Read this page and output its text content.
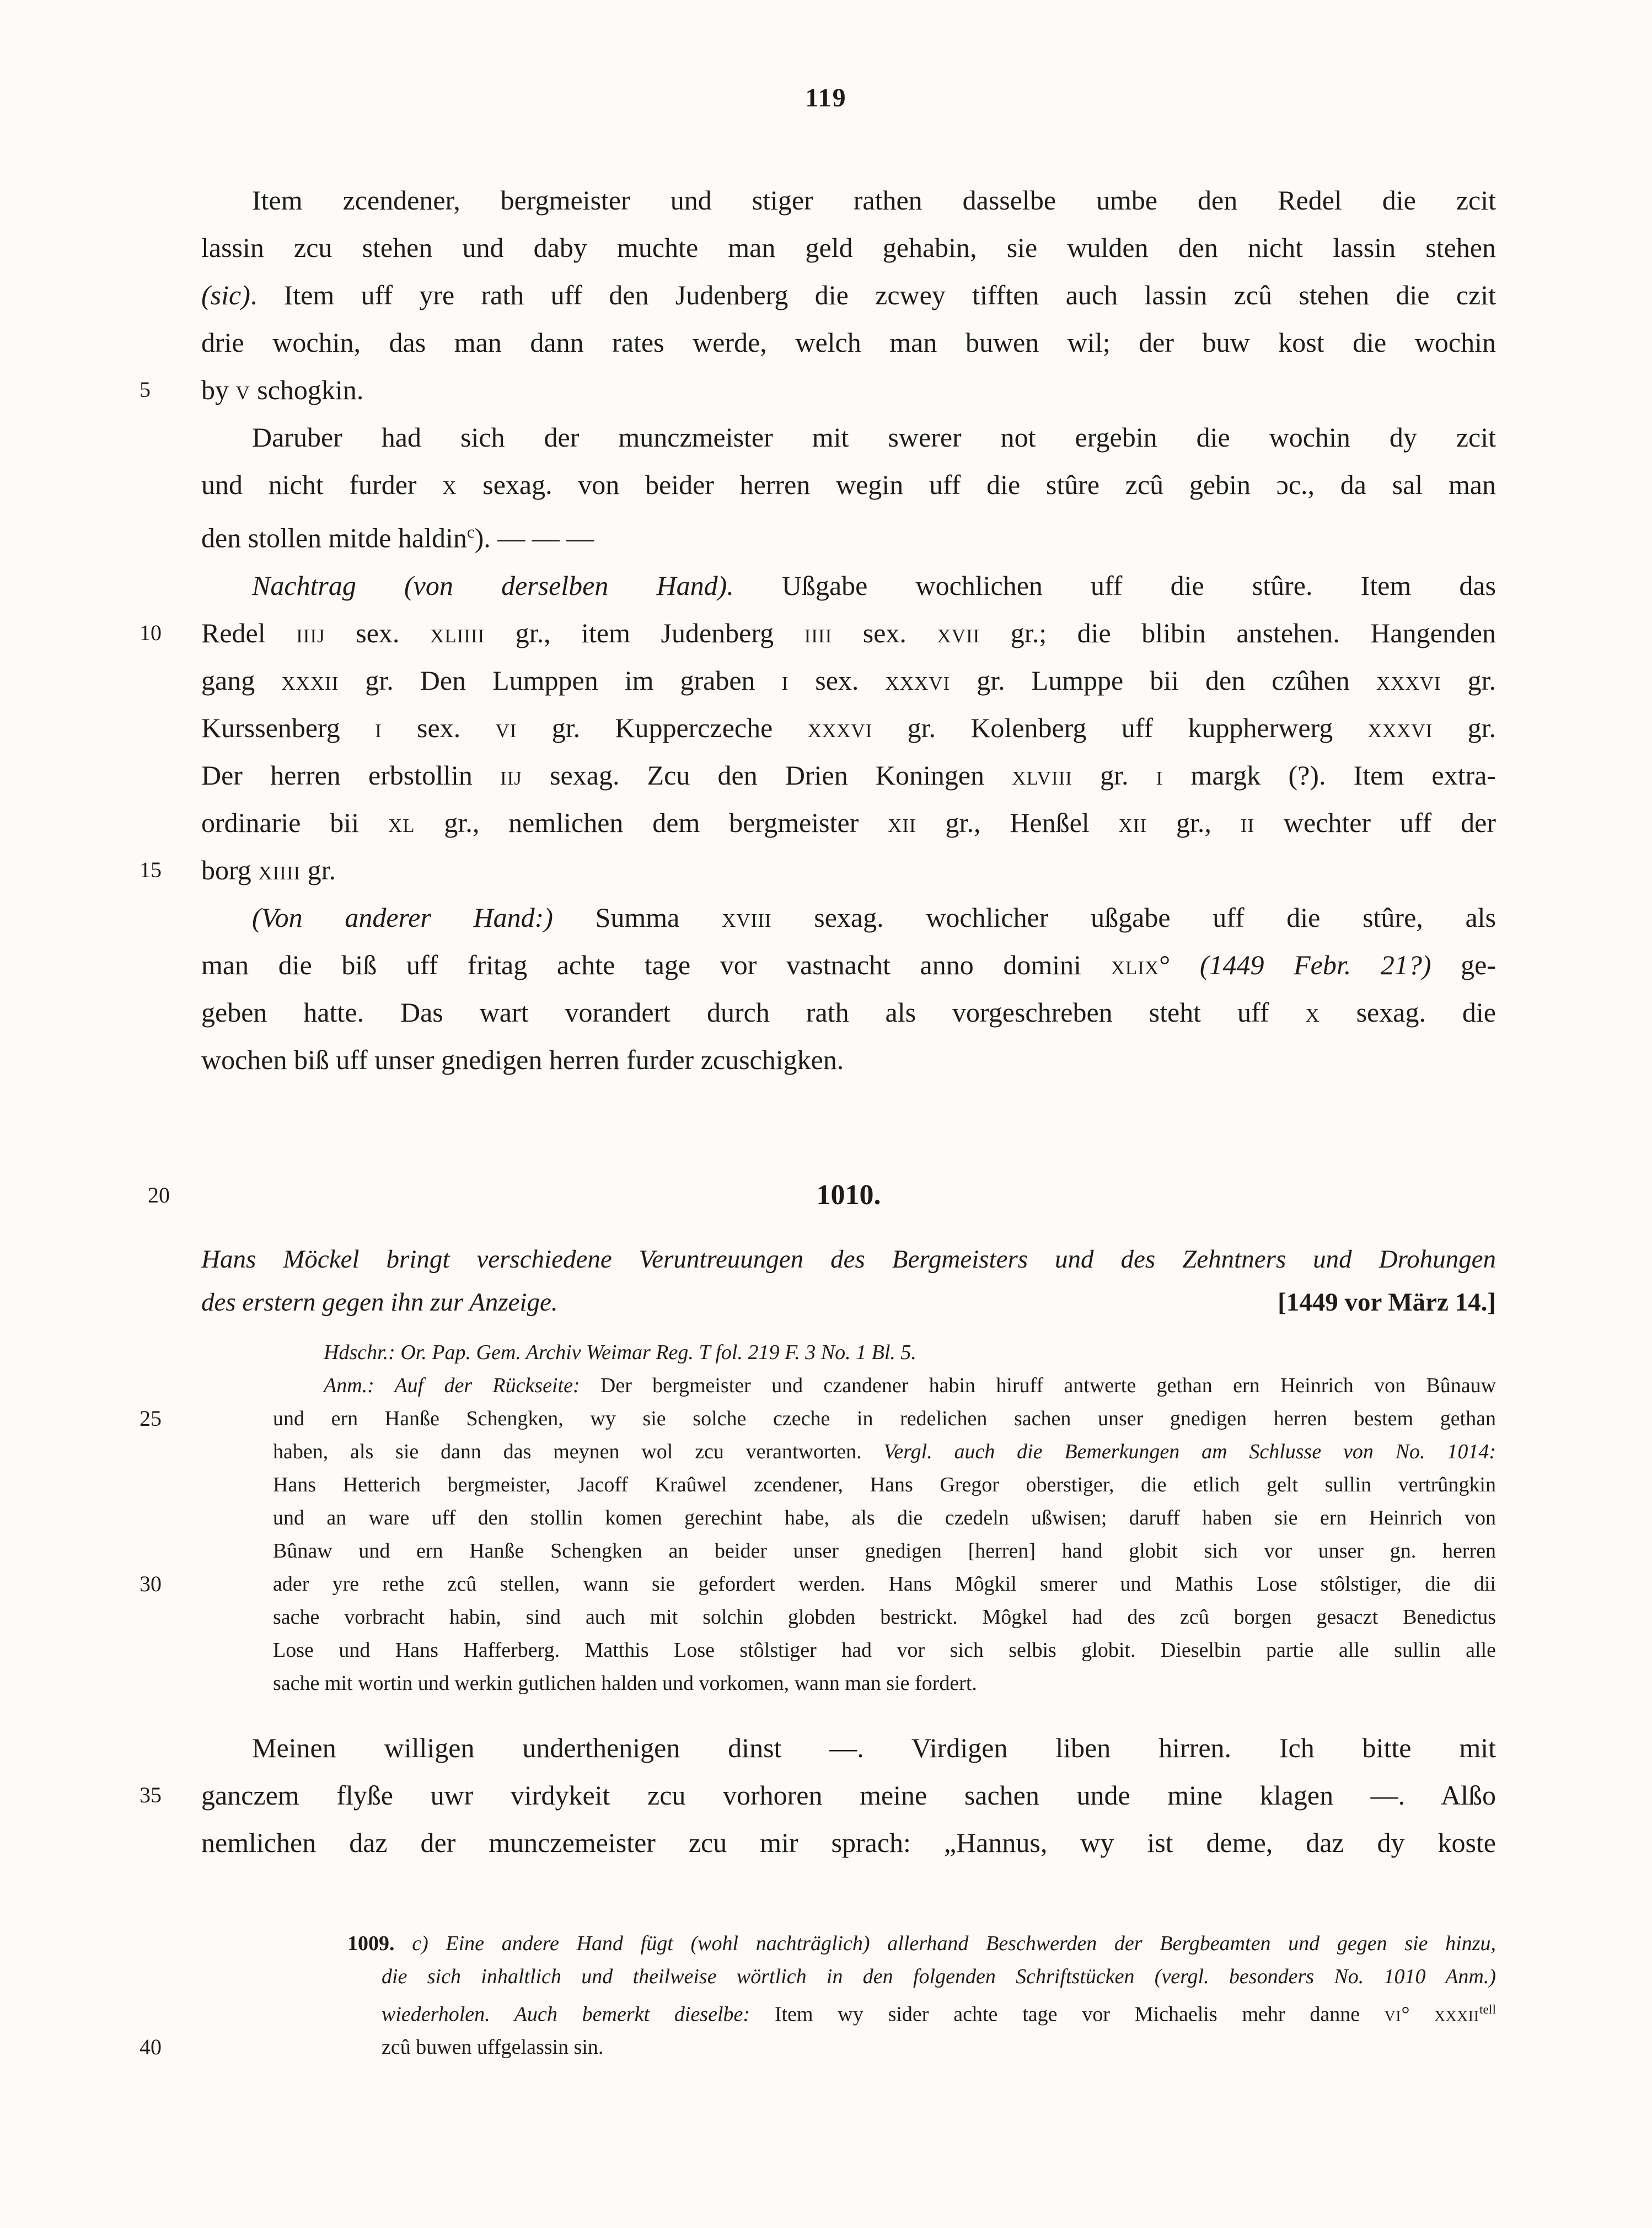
119
Item zcendener, bergmeister und stiger rathen dasselbe umbe den Redel die zcit
lassin zcu stehen und daby muchte man geld gehabin, sie wulden den nicht lassin stehen
(sic). Item uff yre rath uff den Judenberg die zcwey tifften auch lassin zcû stehen die czit
drie wochin, das man dann rates werde, welch man buwen wil; der buw kost die wochin
5	by v schogkin.
Daruber had sich der munczmeister mit swerer not ergebin die wochin dy zcit
und nicht furder x sexag. von beider herren wegin uff die stûre zcû gebin ɔc., da sal man
den stollen mitde haldin$^c$). — — —
Nachtrag (von derselben Hand). Ußgabe wochlichen uff die stûre. Item das
10	Redel iiij sex. xliiii gr., item Judenberg iiii sex. xvii gr.; die blibin anstehen. Hangenden
gang xxxii gr. Den Lumppen im graben i sex. xxxvi gr. Lumppe bii den czûhen xxxvi gr.
Kurssenberg i sex. vi gr. Kupperczeche xxxvi gr. Kolenberg uff kuppherwerg xxxvi gr.
Der herren erbstollin iij sexag. Zcu den Drien Koningen xlviii gr. i margk (?). Item extra-
ordinarie bii xl gr., nemlichen dem bergmeister xii gr., Henßel xii gr., ii wechter uff der
15	borg xiiii gr.
(Von anderer Hand:) Summa xviii sexag. wochlicher ußgabe uff die stûre, als
man die biß uff fritag achte tage vor vastnacht anno domini xlix° (1449 Febr. 21?) ge-
geben hatte. Das wart vorandert durch rath als vorgeschreben steht uff x sexag. die
wochen biß uff unser gnedigen herren furder zcuschigken.
20	1010.
Hans Möckel bringt verschiedene Veruntreuungen des Bergmeisters und des Zehntners und Drohungen
des erstern gegen ihn zur Anzeige.	[1449 vor März 14.]
Hdschr.: Or. Pap. Gem. Archiv Weimar Reg. T fol. 219 F. 3 No. 1 Bl. 5.
Anm.: Auf der Rückseite: Der bergmeister und czandener habin hiruff antwerte gethan ern Heinrich von Bûnauw
25	und ern Hanße Schengken, wy sie solche czeche in redelichen sachen unser gnedigen herren bestem gethan
haben, als sie dann das meynen wol zcu verantworten. Vergl. auch die Bemerkungen am Schlusse von No. 1014:
Hans Hetterich bergmeister, Jacoff Kraûwel zcendener, Hans Gregor oberstiger, die etlich gelt sullin vertrûngkin
und an ware uff den stollin komen gerechint habe, als die czedeln ußwisen; daruff haben sie ern Heinrich von
Bûnaw und ern Hanße Schengken an beider unser gnedigen [herren] hand globit sich vor unser gn. herren
30	ader yre rethe zcû stellen, wann sie gefordert werden. Hans Môgkil smerer und Mathis Lose stôlstiger, die dii
sache vorbracht habin, sind auch mit solchin globden bestrickt. Môgkel had des zcû borgen gesaczt Benedictus
Lose und Hans Hafferberg. Matthis Lose stôlstiger had vor sich selbis globit. Dieselbin partie alle sullin alle
sache mit wortin und werkin gutlichen halden und vorkomen, wann man sie fordert.
Meinen willigen underthenigen dinst —. Virdigen liben hirren. Ich bitte mit
35	ganczem flyße uwr virdykeit zcu vorhoren meine sachen unde mine klagen —. Alßo
nemlichen daz der munczemeister zcu mir sprach: „Hannus, wy ist deme, daz dy koste
1009. c) Eine andere Hand fügt (wohl nachträglich) allerhand Beschwerden der Bergbeamten und gegen sie hinzu,
die sich inhaltlich und theilweise wörtlich in den folgenden Schriftstücken (vergl. besonders No. 1010 Anm.)
wiederholen. Auch bemerkt dieselbe: Item wy sider achte tage vor Michaelis mehr danne vi° xxxii$^{tell}$
40	zcû buwen uffgelassin sin.
